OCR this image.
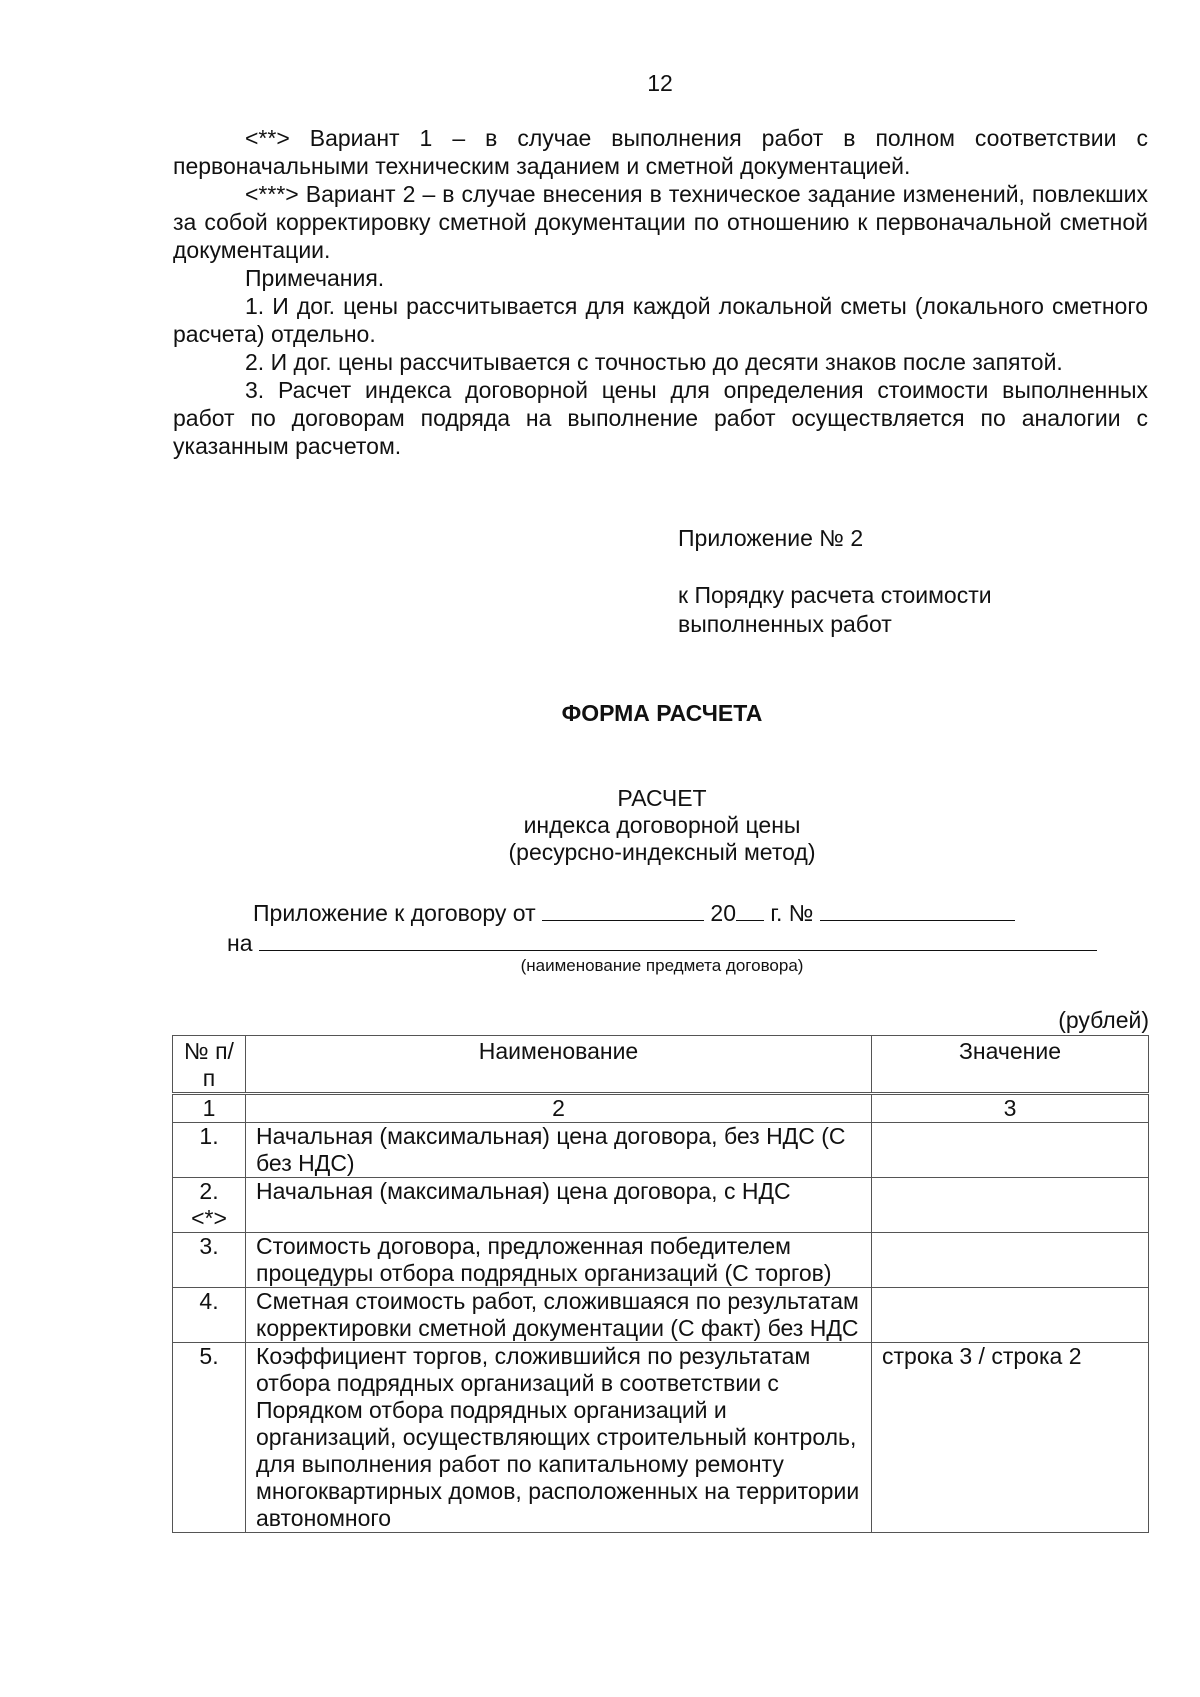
12

<**> Вариант 1 – в случае выполнения работ в полном соответствии с первоначальными техническим заданием и сметной документацией.

<***> Вариант 2 – в случае внесения в техническое задание изменений, повлекших за собой корректировку сметной документации по отношению к первоначальной сметной документации.

Примечания.

1. И дог. цены рассчитывается для каждой локальной сметы (локального сметного расчета) отдельно.

2. И дог. цены рассчитывается с точностью до десяти знаков после запятой.

3. Расчет индекса договорной цены для определения стоимости выполненных работ по договорам подряда на выполнение работ осуществляется по аналогии с указанным расчетом.

Приложение № 2
к Порядку расчета стоимости
выполненных работ
ФОРМА РАСЧЕТА
РАСЧЕТ
индекса договорной цены
(ресурсно-индексный метод)
Приложение к договору от	20 г. №
на
(наименование предмета договора)
(рублей)
№ п/п	Наименование	Значение
1	2	3
1.	Начальная (максимальная) цена договора, без НДС (С без НДС)	
2. <*>	Начальная (максимальная) цена договора, с НДС	
3.	Стоимость договора, предложенная победителем процедуры отбора подрядных организаций (С торгов)	
4.	Сметная стоимость работ, сложившаяся по результатам корректировки сметной документации (С факт) без НДС	
5.	Коэффициент торгов, сложившийся по результатам отбора подрядных организаций в соответствии с Порядком отбора подрядных организаций и организаций, осуществляющих строительный контроль, для выполнения работ по капитальному ремонту многоквартирных домов, расположенных на территории автономного	строка 3 / строка 2
